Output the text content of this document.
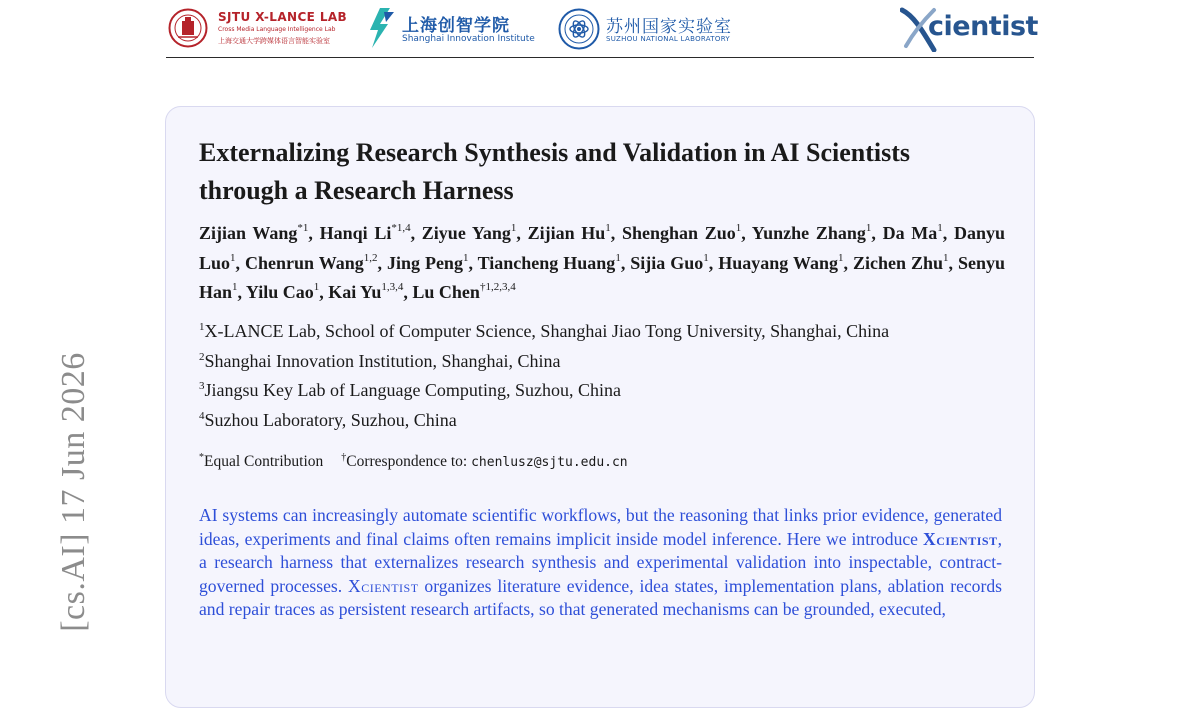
SJTU X-LANCE LAB
Cross Media Language Intelligence Lab
上海交通大学跨媒体语言智能实验室
上海创智学院
Shanghai Innovation Institute
苏州国家实验室
SUZHOU NATIONAL LABORATORY	cientist
[cs.AI] 17 Jun 2026
Externalizing Research Synthesis and Validation in AI Scientists through a Research Harness
Zijian Wang$^{*1}$, Hanqi Li$^{*1,4}$, Ziyue Yang$^1$, Zijian Hu$^1$, Shenghan Zuo$^1$, Yunzhe Zhang$^1$, Da Ma$^1$, Danyu Luo$^1$, Chenrun Wang$^{1,2}$, Jing Peng$^1$, Tiancheng Huang$^1$, Sijia Guo$^1$, Huayang Wang$^1$, Zichen Zhu$^1$, Senyu Han$^1$, Yilu Cao$^1$, Kai Yu$^{1,3,4}$, Lu Chen$^{\dagger 1,2,3,4}$
$^1$X-LANCE Lab, School of Computer Science, Shanghai Jiao Tong University, Shanghai, China
$^2$Shanghai Innovation Institution, Shanghai, China
$^3$Jiangsu Key Lab of Language Computing, Suzhou, China
$^4$Suzhou Laboratory, Suzhou, China
*Equal Contribution †Correspondence to: chenlusz@sjtu.edu.cn
AI systems can increasingly automate scientific workflows, but the reasoning that links prior evidence, generated ideas, experiments and final claims often remains implicit inside model inference. Here we introduce Xcientist, a research harness that externalizes research synthesis and experimental validation into inspectable, contract-governed processes. Xcientist organizes literature evidence, idea states, implementation plans, ablation records and repair traces as persistent research artifacts, so that generated mechanisms can be grounded, executed,
